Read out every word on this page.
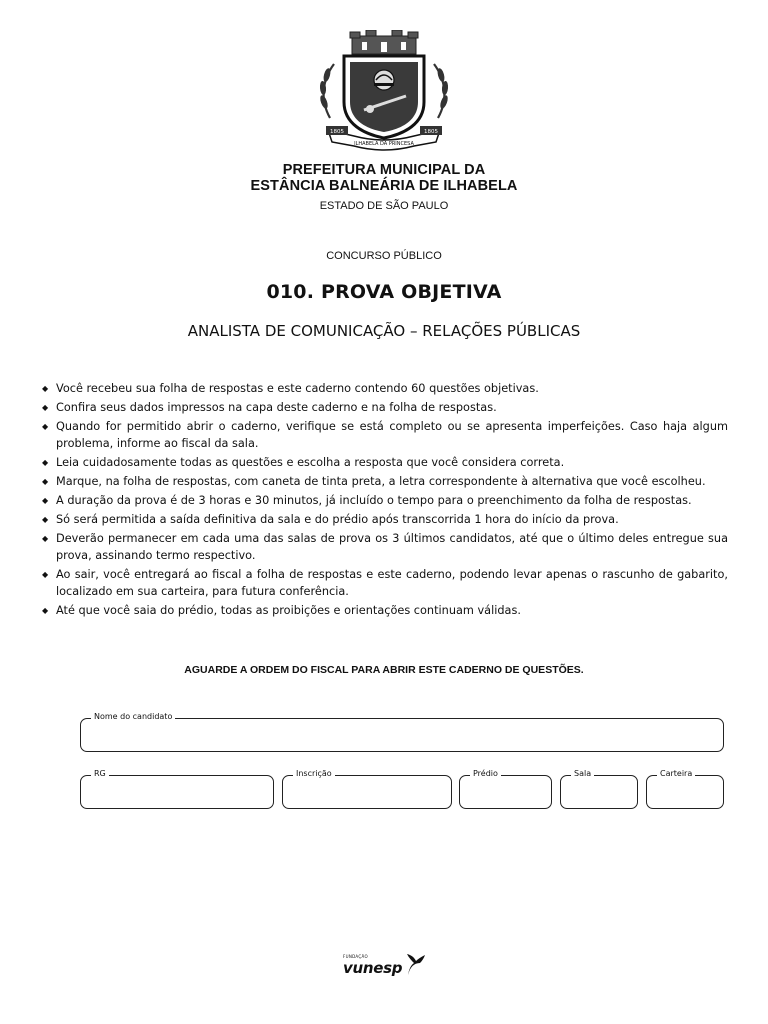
1805	1805
ILHABELA DA PRINCESA
PREFEITURA MUNICIPAL DA
ESTÂNCIA BALNEÁRIA DE ILHABELA
ESTADO DE SÃO PAULO
CONCURSO PÚBLICO
010. PROVA OBJETIVA
ANALISTA DE COMUNICAÇÃO – RELAÇÕES PÚBLICAS
◆ Você recebeu sua folha de respostas e este caderno contendo 60 questões objetivas.
◆ Confira seus dados impressos na capa deste caderno e na folha de respostas.
◆ Quando for permitido abrir o caderno, verifique se está completo ou se apresenta imperfeições. Caso haja algum problema, informe ao fiscal da sala.
◆ Leia cuidadosamente todas as questões e escolha a resposta que você considera correta.
◆ Marque, na folha de respostas, com caneta de tinta preta, a letra correspondente à alternativa que você escolheu.
◆ A duração da prova é de 3 horas e 30 minutos, já incluído o tempo para o preenchimento da folha de respostas.
◆ Só será permitida a saída definitiva da sala e do prédio após transcorrida 1 hora do início da prova.
◆ Deverão permanecer em cada uma das salas de prova os 3 últimos candidatos, até que o último deles entregue sua prova, assinando termo respectivo.
◆ Ao sair, você entregará ao fiscal a folha de respostas e este caderno, podendo levar apenas o rascunho de gabarito, localizado em sua carteira, para futura conferência.
◆ Até que você saia do prédio, todas as proibições e orientações continuam válidas.
AGUARDE A ORDEM DO FISCAL PARA ABRIR ESTE CADERNO DE QUESTÕES.
Nome do candidato
RG	Inscrição	Prédio	Sala	Carteira
FUNDAÇÃO
vunesp
